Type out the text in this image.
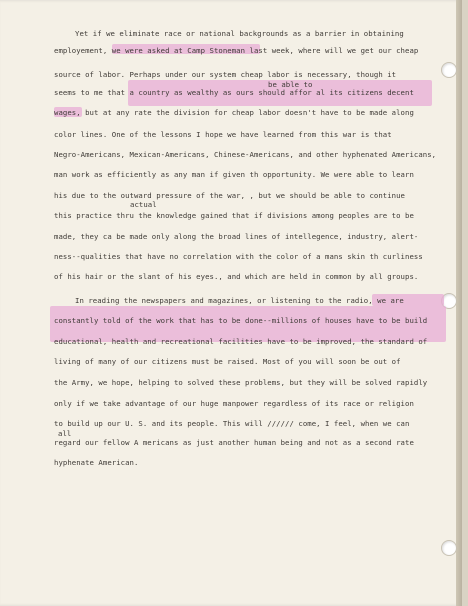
Yet if we eliminate race or national backgrounds as a barrier in obtaining
employement, we were asked at Camp Stoneman last week, where will we get our cheap
source of labor. Perhaps under our system cheap labor is necessary, though it
be able to
seems to me that a country as wealthy as ours should affor al its citizens decent
wages, but at any rate the division for cheap labor doesn't have to be made along
color lines. One of the lessons I hope we have learned from this war is that
Negro-Americans, Mexican-Americans, Chinese-Americans, and other hyphenated Americans,
man work as efficiently as any man if given th opportunity. We were able to learn
his due to the outward pressure of the war, , but we should be able to continue
actual
this practice thru the knowledge gained that if divisions among peoples are to be
made, they ca be made only along the broad lines of intellegence, industry, alert-
ness--qualities that have no correlation with the color of a mans skin th curliness
of his hair or the slant of his eyes., and which are held in common by all groups.
In reading the newspapers and magazines, or listening to the radio, we are
constantly told of the work that has to be done--millions of houses have to be build
educational, health and recreational facilities have to be improved, the standard of
living of many of our citizens must be raised. Most of you will soon be out of
the Army, we hope, helping to solved these problems, but they will be solved rapidly
only if we take advantage of our huge manpower regardless of its race or religion
to build up our U. S. and its people. This will ////// come, I feel, when we can
all
regard our fellow A mericans as just another human being and not as a second rate
hyphenate American.
